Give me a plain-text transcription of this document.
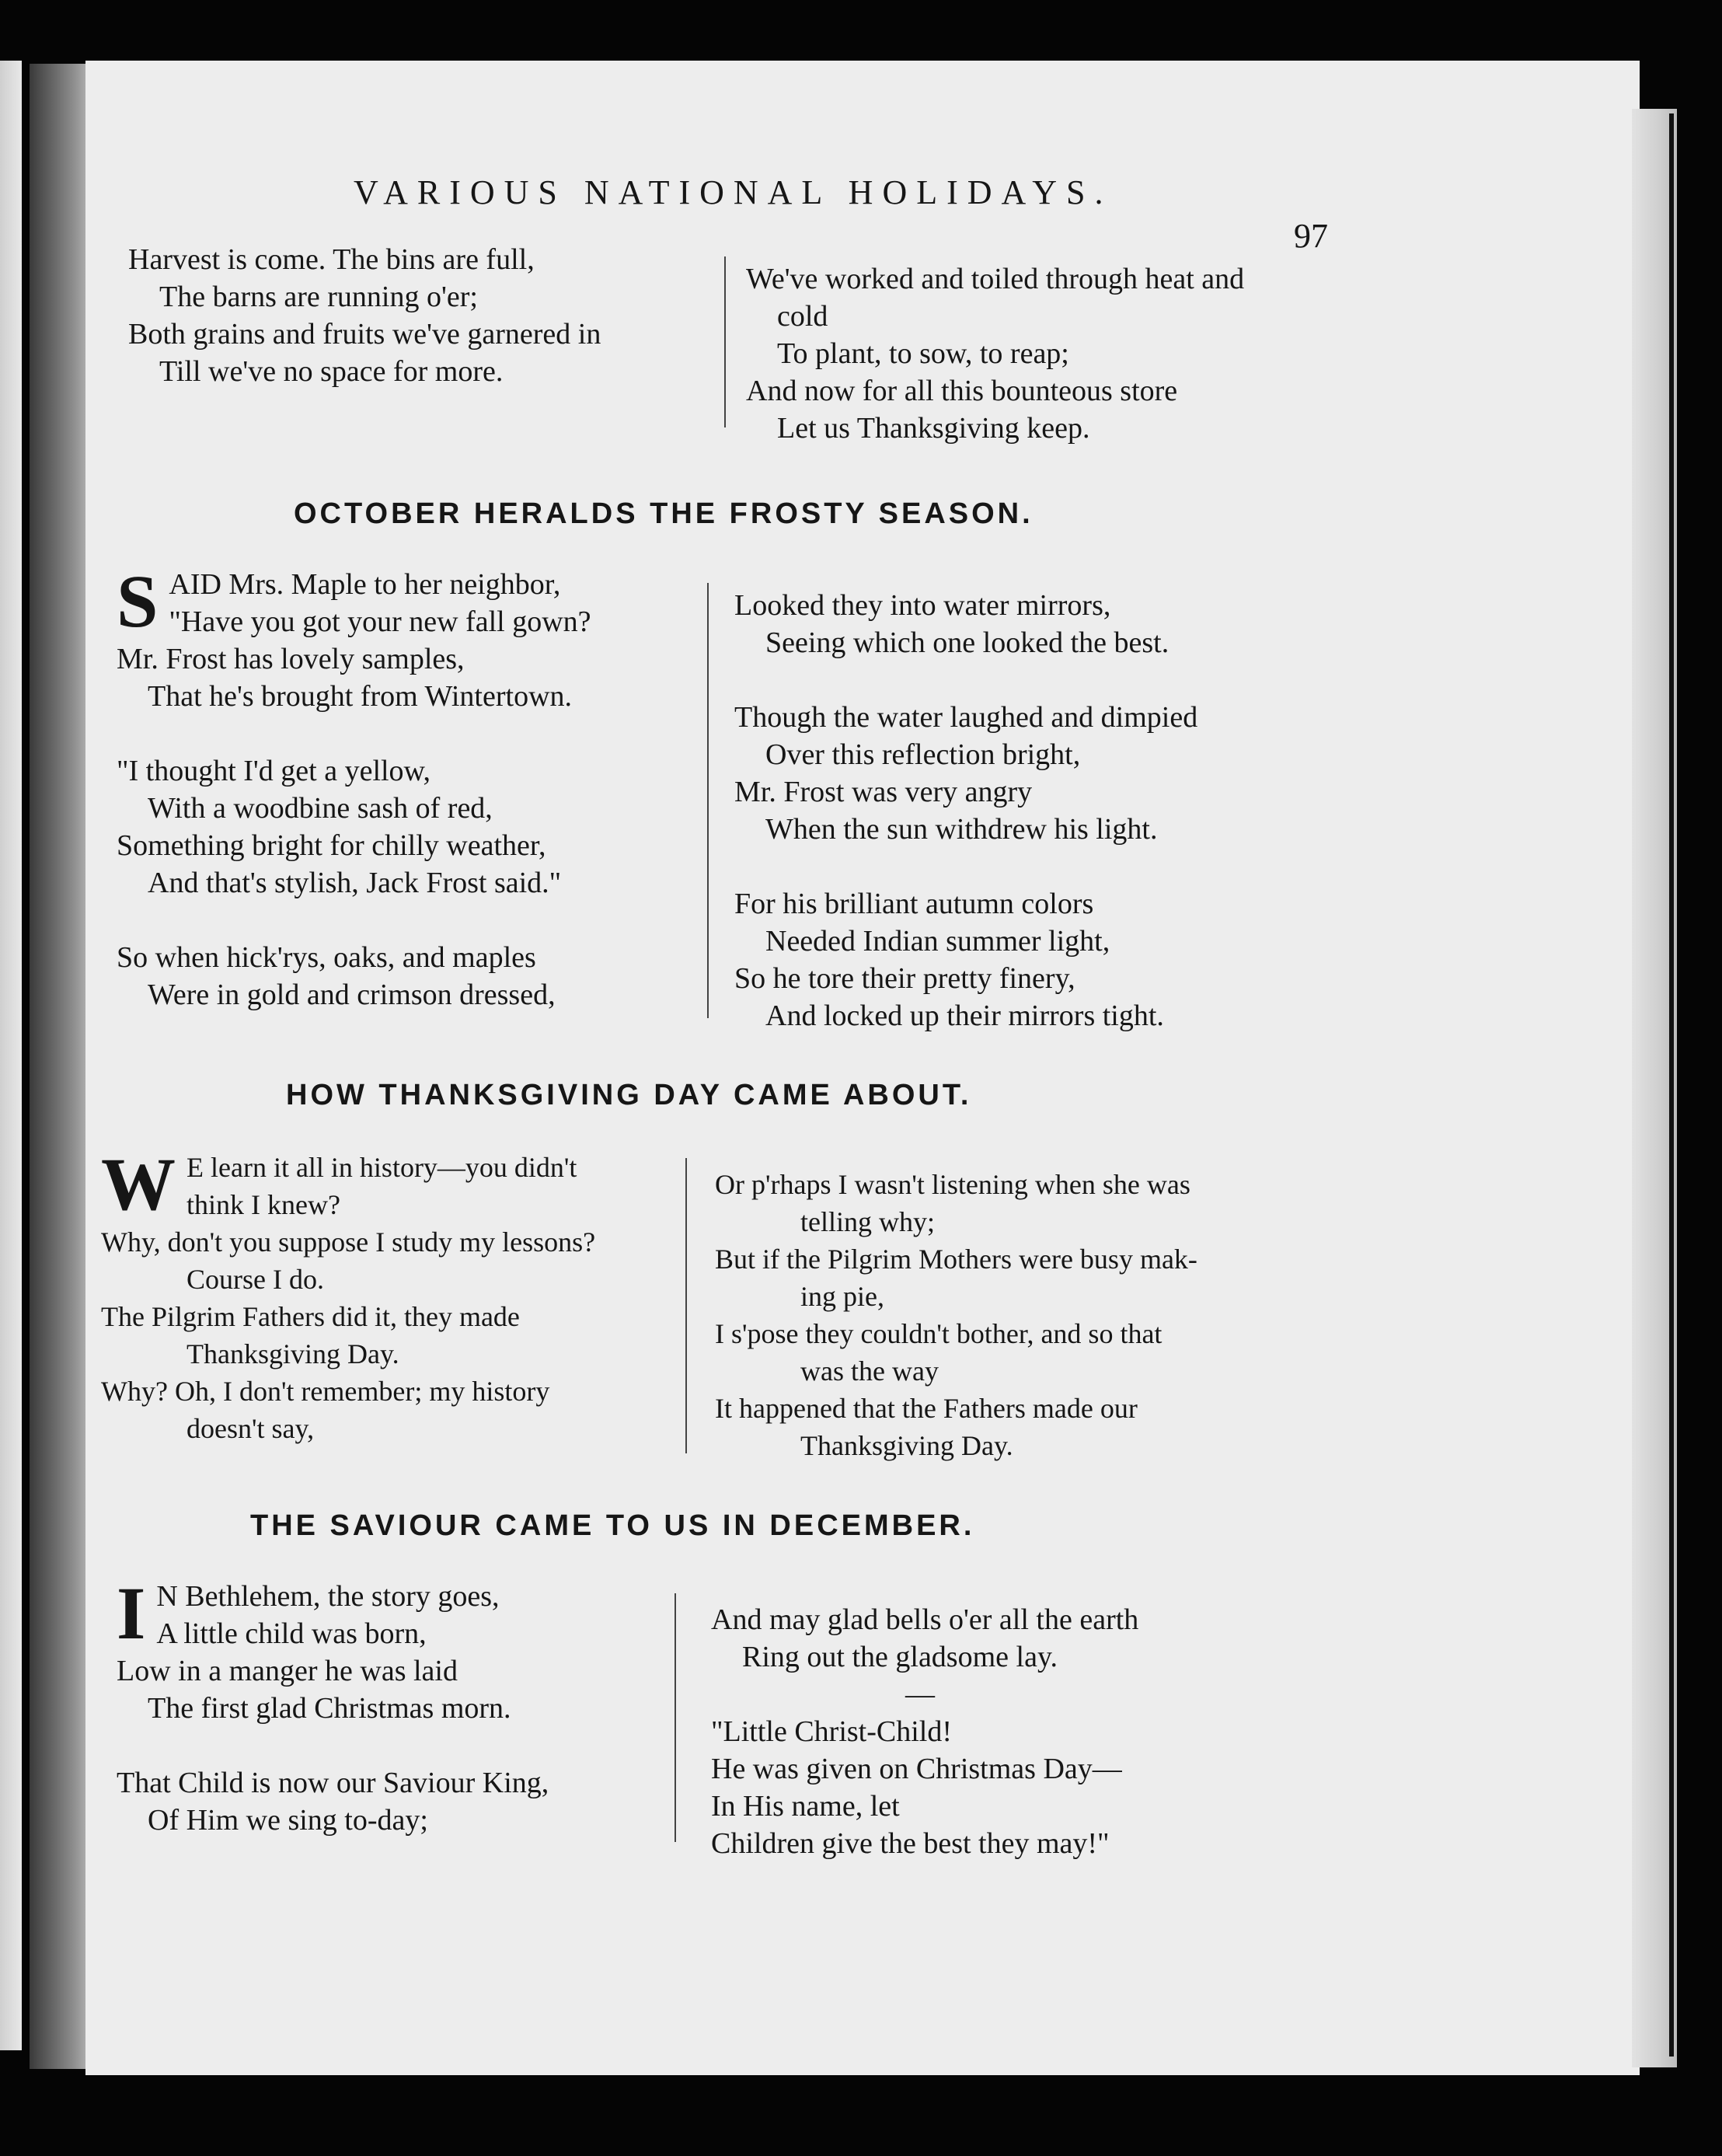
VARIOUS NATIONAL HOLIDAYS.
97

Harvest is come. The bins are full,

The barns are running o'er;

Both grains and fruits we've garnered in

Till we've no space for more.

We've worked and toiled through heat and

cold

To plant, to sow, to reap;

And now for all this bounteous store

Let us Thanksgiving keep.

OCTOBER HERALDS THE FROSTY SEASON.
S AID Mrs. Maple to her neighbor,

"Have you got your new fall gown?

Mr. Frost has lovely samples,

That he's brought from Wintertown.

"I thought I'd get a yellow,

With a woodbine sash of red,

Something bright for chilly weather,

And that's stylish, Jack Frost said."

So when hick'rys, oaks, and maples

Were in gold and crimson dressed,

Looked they into water mirrors,

Seeing which one looked the best.

Though the water laughed and dimpied

Over this reflection bright,

Mr. Frost was very angry

When the sun withdrew his light.

For his brilliant autumn colors

Needed Indian summer light,

So he tore their pretty finery,

And locked up their mirrors tight.

HOW THANKSGIVING DAY CAME ABOUT.
W E learn it all in history—you didn't

think I knew?

Why, don't you suppose I study my lessons?

Course I do.

The Pilgrim Fathers did it, they made

Thanksgiving Day.

Why? Oh, I don't remember; my history

doesn't say,

Or p'rhaps I wasn't listening when she was

telling why;

But if the Pilgrim Mothers were busy mak-

ing pie,

I s'pose they couldn't bother, and so that

was the way

It happened that the Fathers made our

Thanksgiving Day.

THE SAVIOUR CAME TO US IN DECEMBER.
I N Bethlehem, the story goes,

A little child was born,

Low in a manger he was laid

The first glad Christmas morn.

That Child is now our Saviour King,

Of Him we sing to-day;

And may glad bells o'er all the earth

Ring out the gladsome lay.

—

"Little Christ-Child!

He was given on Christmas Day—

In His name, let

Children give the best they may!"
